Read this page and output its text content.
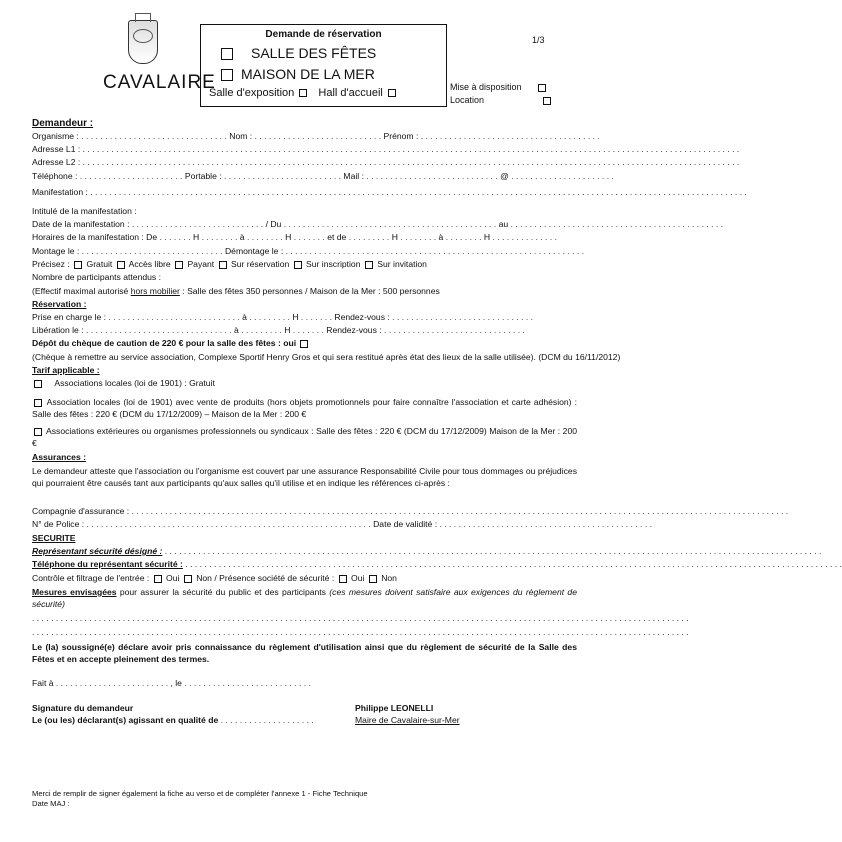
CAVALAIRE
Demande de réservation
SALLE DES FÊTES
MAISON DE LA MER
Salle d'exposition Hall d'accueil
1/3
Mise à disposition
Location
Demandeur :
Organisme : . . . . . . . . . . . . . . . . . . . . . . . . . . . . . . . Nom : . . . . . . . . . . . . . . . . . . . . . . . . . . . Prénom : . . . . . . . . . . . . . . . . . . . . . . . . . . . . . . . . . . . . . .
Adresse L1 : . . .
Adresse L2 : . . .
Téléphone : . . . . . . . . . . . . . . . . . . . . . . Portable : . . . . . . . . . . . . . . . . . . . . . . . . . Mail : . . . . . . . . . . . . . . . . . . . . . . . . . . . . @ . . . . . . . . . . . . . . . . . . . . . .
Manifestation : . . .
Intitulé de la manifestation :
Date de la manifestation : . . . . . . . . . . . . . . . . . . . . . . . . . . . . / Du . . . . . . . . . . . . . . . . . . . . . . . . . . . . . . . . . . . . . . . . . . . . . au . . . . . . . . . . . . . . . . . . . . . . . . . . . . . . . . . . . . . . . . . . . . .
Horaires de la manifestation : De . . . . . . . H . . . . . . . . à . . . . . . . . H . . . . . . . et de . . . . . . . . . H . . . . . . . . à . . . . . . . . H . . . . . . . . . . . . . .
Montage le : . . . . . . . . . . . . . . . . . . . . . . . . . . . . . . Démontage le : . . . . . . . . . . . . . . . . . . . . . . . . . . . . . . . . . . . . . . . . . . . . . . . . . . . . . . . . . . . . . . .
Précisez : Gratuit Accès libre Payant Sur réservation Sur inscription Sur invitation
Nombre de participants attendus :
(Effectif maximal autorisé hors mobilier : Salle des fêtes 350 personnes / Maison de la Mer : 500 personnes
Réservation :
Prise en charge le : . . . . . . . . . . . . . . . . . . . . . . . . . . . . à . . . . . . . . . H . . . . . . . Rendez-vous : . . . . . . . . . . . . . . . . . . . . . . . . . . . . . .
Libération le : . . . . . . . . . . . . . . . . . . . . . . . . . . . . . . . à . . . . . . . . . H . . . . . . . Rendez-vous : . . . . . . . . . . . . . . . . . . . . . . . . . . . . . .
Dépôt du chèque de caution de 220 € pour la salle des fêtes : oui
(Chèque à remettre au service association, Complexe Sportif Henry Gros et qui sera restitué après état des lieux de la salle utilisée). (DCM du 16/11/2012)
Tarif applicable :
Associations locales (loi de 1901) : Gratuit
Association locales (loi de 1901) avec vente de produits (hors objets promotionnels pour faire connaître l'association et carte adhésion) : Salle des fêtes : 220 € (DCM du 17/12/2009) – Maison de la Mer : 200 €
Associations extérieures ou organismes professionnels ou syndicaux : Salle des fêtes : 220 € (DCM du 17/12/2009) Maison de la Mer : 200 €
Assurances :
Le demandeur atteste que l'association ou l'organisme est couvert par une assurance Responsabilité Civile pour tous dommages ou préjudices qui pourraient être causés tant aux participants qu'aux salles qu'il utilise et en indique les références ci-après :
Compagnie d'assurance : . . .
N° de Police : . . . . . . . . . . . . . . . . . . . . . . . . . . . . . . . . . . . . . . . . . . . . . . . . . . . . . . . . . . . . Date de validité : . . . . . . . . . . . . . . . . . . . . . . . . . . . . . . . . . . . . . . . . . . . . .
SECURITE
Représentant sécurité désigné : . . .
Téléphone du représentant sécurité : . . .
Contrôle et filtrage de l'entrée : Oui Non / Présence société de sécurité : Oui Non
Mesures envisagées pour assurer la sécurité du public et des participants (ces mesures doivent satisfaire aux exigences du règlement de sécurité)
. . .
. . .
Le (la) soussigné(e) déclare avoir pris connaissance du règlement d'utilisation ainsi que du règlement de sécurité de la Salle des Fêtes et en accepte pleinement des termes.
Fait à . . . . . . . . . . . . . . . . . . . . . . . . , le . . . . . . . . . . . . . . . . . . . . . . . . . . .
Signature du demandeur
Le (ou les) déclarant(s) agissant en qualité de . . . . . . . . . . . . . . . . . . . .
Philippe LEONELLI
Maire de Cavalaire-sur-Mer
Merci de remplir de signer également la fiche au verso et de compléter l'annexe 1 - Fiche Technique
Date MAJ :
